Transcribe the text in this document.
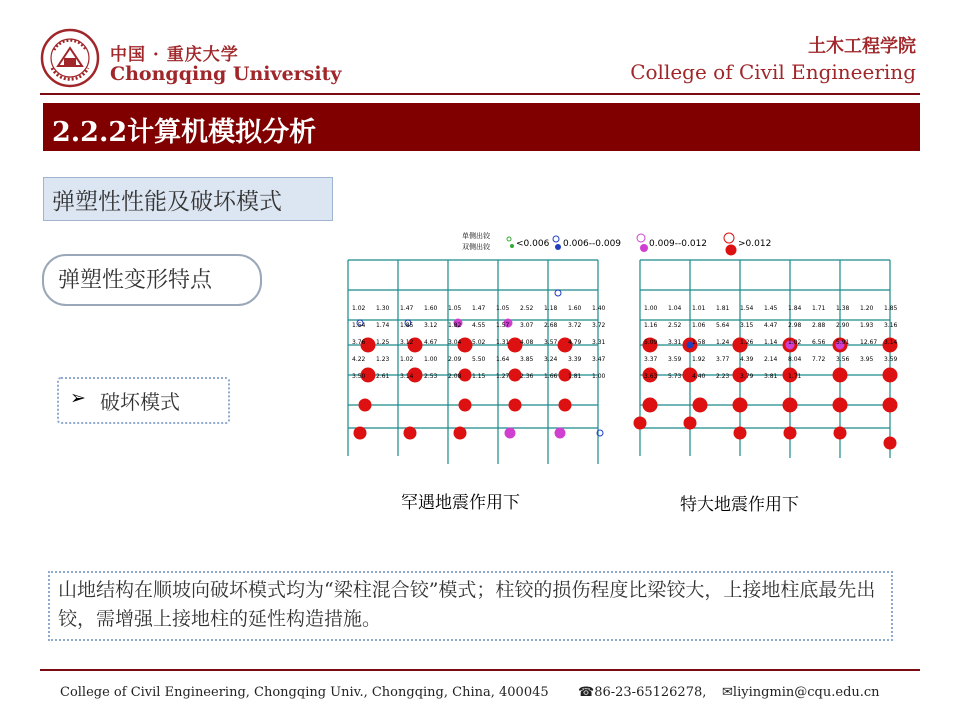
中国 · 重庆大学
Chongqing University
土木工程学院
College of Civil Engineering
2.2.2计算机模拟分析
弹塑性性能及破坏模式
弹塑性变形特点
➢ 破坏模式
单侧出铰
双侧出铰	<0.006 0.006--0.009	0.009--0.012	>0.012
1.02 1.30 1.47 1.60 1.05 1.47 1.05 2.52 1.18 1.60 1.40
1.54 1.74 1.85 3.12 1.82 4.55 1.57 3.07 2.68 3.72 3.72
3.76 1.25 3.12 4.67 3.04 5.02 1.31 4.08 3.57 4.79 3.31
4.22 1.23 1.02 1.00 2.09 5.50 1.64 3.85 3.24 3.39 3.47
3.50 2.61 3.14 2.53 2.08 1.15 1.27 2.36 1.66 1.81 1.00
1.00 1.04 1.01 1.81 1.54 1.45 1.84 1.71 1.38 1.20 1.85
1.16 2.52 1.06 5.64 3.15 4.47 2.98 2.88 2.90 1.93 3.16
5.09 3.31 1.58 1.24 1.26 1.14 1.02 6.56 5.91 12.67 3.14
3.37 3.59 1.92 3.77 4.39 2.14 8.04 7.72 3.56 3.95 3.59
3.63 5.73 4.40 2.23 3.79 3.81 1.71
罕遇地震作用下	特大地震作用下
山地结构在顺坡向破坏模式均为“梁柱混合铰”模式；柱铰的损伤程度比梁铰大，上接地柱底最先出铰，需增强上接地柱的延性构造措施。
College of Civil Engineering, Chongqing Univ., Chongqing, China, 400045 ☎86-23-65126278, ✉liyingmin@cqu.edu.cn
